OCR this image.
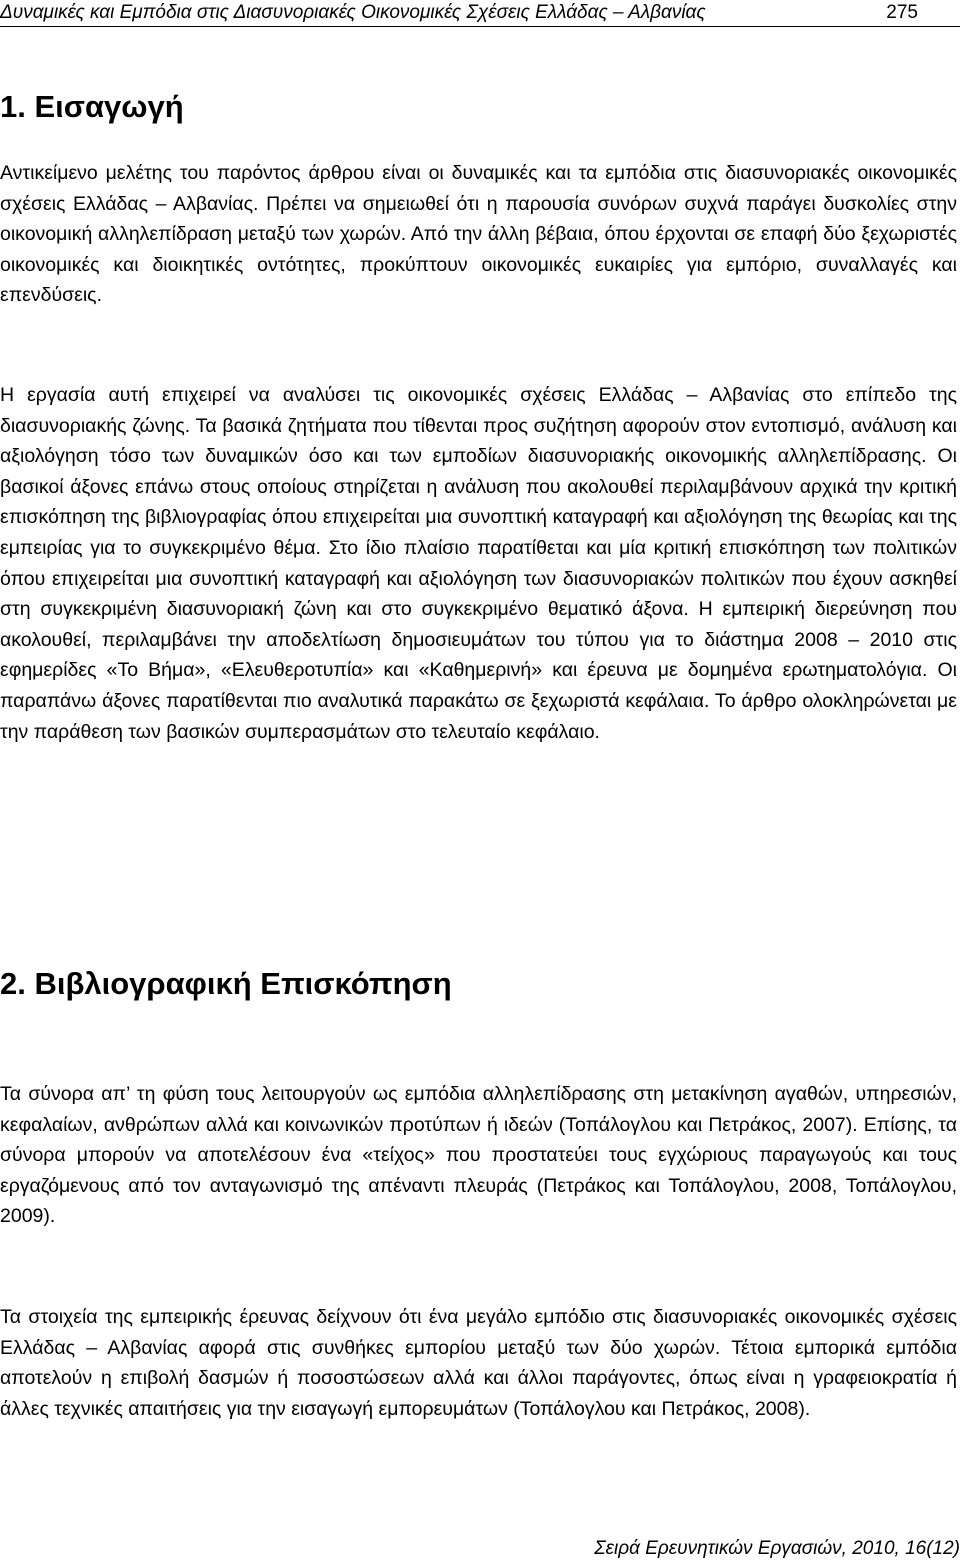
Δυναμικές και Εμπόδια στις Διασυνοριακές Οικονομικές Σχέσεις Ελλάδας – Αλβανίας	275
1. Εισαγωγή

Αντικείμενο μελέτης του παρόντος άρθρου είναι οι δυναμικές και τα εμπόδια στις διασυνοριακές οικονομικές σχέσεις Ελλάδας – Αλβανίας. Πρέπει να σημειωθεί ότι η παρουσία συνόρων συχνά παράγει δυσκολίες στην οικονομική αλληλεπίδραση μεταξύ των χωρών. Από την άλλη βέβαια, όπου έρχονται σε επαφή δύο ξεχωριστές οικονομικές και διοικητικές οντότητες, προκύπτουν οικονομικές ευκαιρίες για εμπόριο, συναλλαγές και επενδύσεις.

Η εργασία αυτή επιχειρεί να αναλύσει τις οικονομικές σχέσεις Ελλάδας – Αλβανίας στο επίπεδο της διασυνοριακής ζώνης. Τα βασικά ζητήματα που τίθενται προς συζήτηση αφορούν στον εντοπισμό, ανάλυση και αξιολόγηση τόσο των δυναμικών όσο και των εμποδίων διασυνοριακής οικονομικής αλληλεπίδρασης. Οι βασικοί άξονες επάνω στους οποίους στηρίζεται η ανάλυση που ακολουθεί περιλαμβάνουν αρχικά την κριτική επισκόπηση της βιβλιογραφίας όπου επιχειρείται μια συνοπτική καταγραφή και αξιολόγηση της θεωρίας και της εμπειρίας για το συγκεκριμένο θέμα. Στο ίδιο πλαίσιο παρατίθεται και μία κριτική επισκόπηση των πολιτικών όπου επιχειρείται μια συνοπτική καταγραφή και αξιολόγηση των διασυνοριακών πολιτικών που έχουν ασκηθεί στη συγκεκριμένη διασυνοριακή ζώνη και στο συγκεκριμένο θεματικό άξονα. Η εμπειρική διερεύνηση που ακολουθεί, περιλαμβάνει την αποδελτίωση δημοσιευμάτων του τύπου για το διάστημα 2008 – 2010 στις εφημερίδες «Το Βήμα», «Ελευθεροτυπία» και «Καθημερινή» και έρευνα με δομημένα ερωτηματολόγια. Οι παραπάνω άξονες παρατίθενται πιο αναλυτικά παρακάτω σε ξεχωριστά κεφάλαια. Το άρθρο ολοκληρώνεται με την παράθεση των βασικών συμπερασμάτων στο τελευταίο κεφάλαιο.

2. Βιβλιογραφική Επισκόπηση

Τα σύνορα απ’ τη φύση τους λειτουργούν ως εμπόδια αλληλεπίδρασης στη μετακίνηση αγαθών, υπηρεσιών, κεφαλαίων, ανθρώπων αλλά και κοινωνικών προτύπων ή ιδεών (Τοπάλογλου και Πετράκος, 2007). Επίσης, τα σύνορα μπορούν να αποτελέσουν ένα «τείχος» που προστατεύει τους εγχώριους παραγωγούς και τους εργαζόμενους από τον ανταγωνισμό της απέναντι πλευράς (Πετράκος και Τοπάλογλου, 2008, Τοπάλογλου, 2009).

Τα στοιχεία της εμπειρικής έρευνας δείχνουν ότι ένα μεγάλο εμπόδιο στις διασυνοριακές οικονομικές σχέσεις Ελλάδας – Αλβανίας αφορά στις συνθήκες εμπορίου μεταξύ των δύο χωρών. Τέτοια εμπορικά εμπόδια αποτελούν η επιβολή δασμών ή ποσοστώσεων αλλά και άλλοι παράγοντες, όπως είναι η γραφειοκρατία ή άλλες τεχνικές απαιτήσεις για την εισαγωγή εμπορευμάτων (Τοπάλογλου και Πετράκος, 2008).

Σειρά Ερευνητικών Εργασιών, 2010, 16(12)
